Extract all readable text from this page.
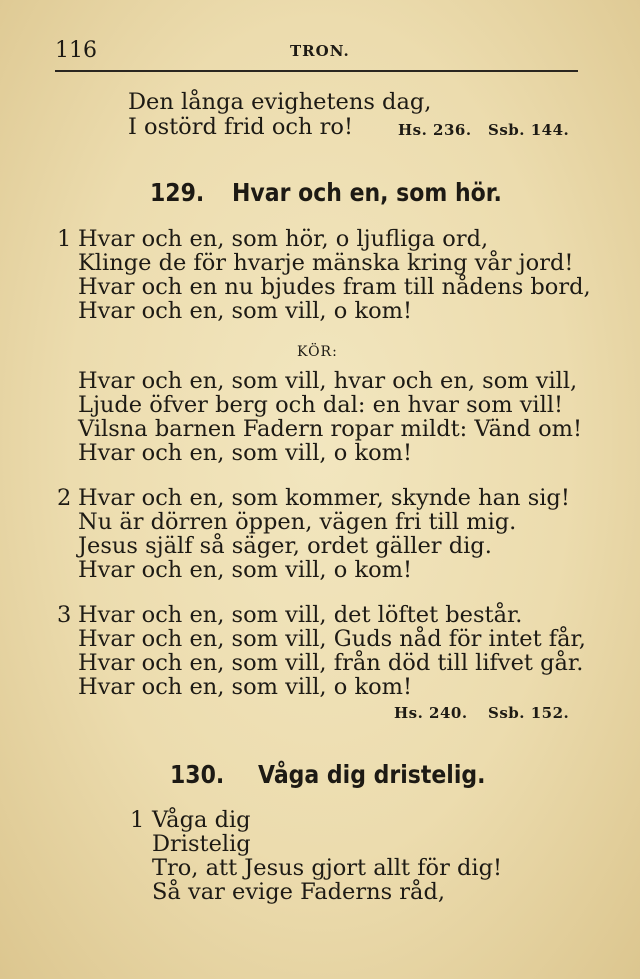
116	TRON.
Den långa evighetens dag,
I ostörd frid och ro!	Hs. 236. Ssb. 144.
129. Hvar och en, som hör.
1 Hvar och en, som hör, o ljufliga ord,
Klinge de för hvarje mänska kring vår jord!
Hvar och en nu bjudes fram till nådens bord,
Hvar och en, som vill, o kom!
KÖR:
Hvar och en, som vill, hvar och en, som vill,
Ljude öfver berg och dal: en hvar som vill!
Vilsna barnen Fadern ropar mildt: Vänd om!
Hvar och en, som vill, o kom!
2 Hvar och en, som kommer, skynde han sig!
Nu är dörren öppen, vägen fri till mig.
Jesus själf så säger, ordet gäller dig.
Hvar och en, som vill, o kom!
3 Hvar och en, som vill, det löftet består.
Hvar och en, som vill, Guds nåd för intet får,
Hvar och en, som vill, från död till lifvet går.
Hvar och en, som vill, o kom!
Hs. 240. Ssb. 152.
130. Våga dig dristelig.
1 Våga dig
Dristelig
Tro, att Jesus gjort allt för dig!
Så var evige Faderns råd,
